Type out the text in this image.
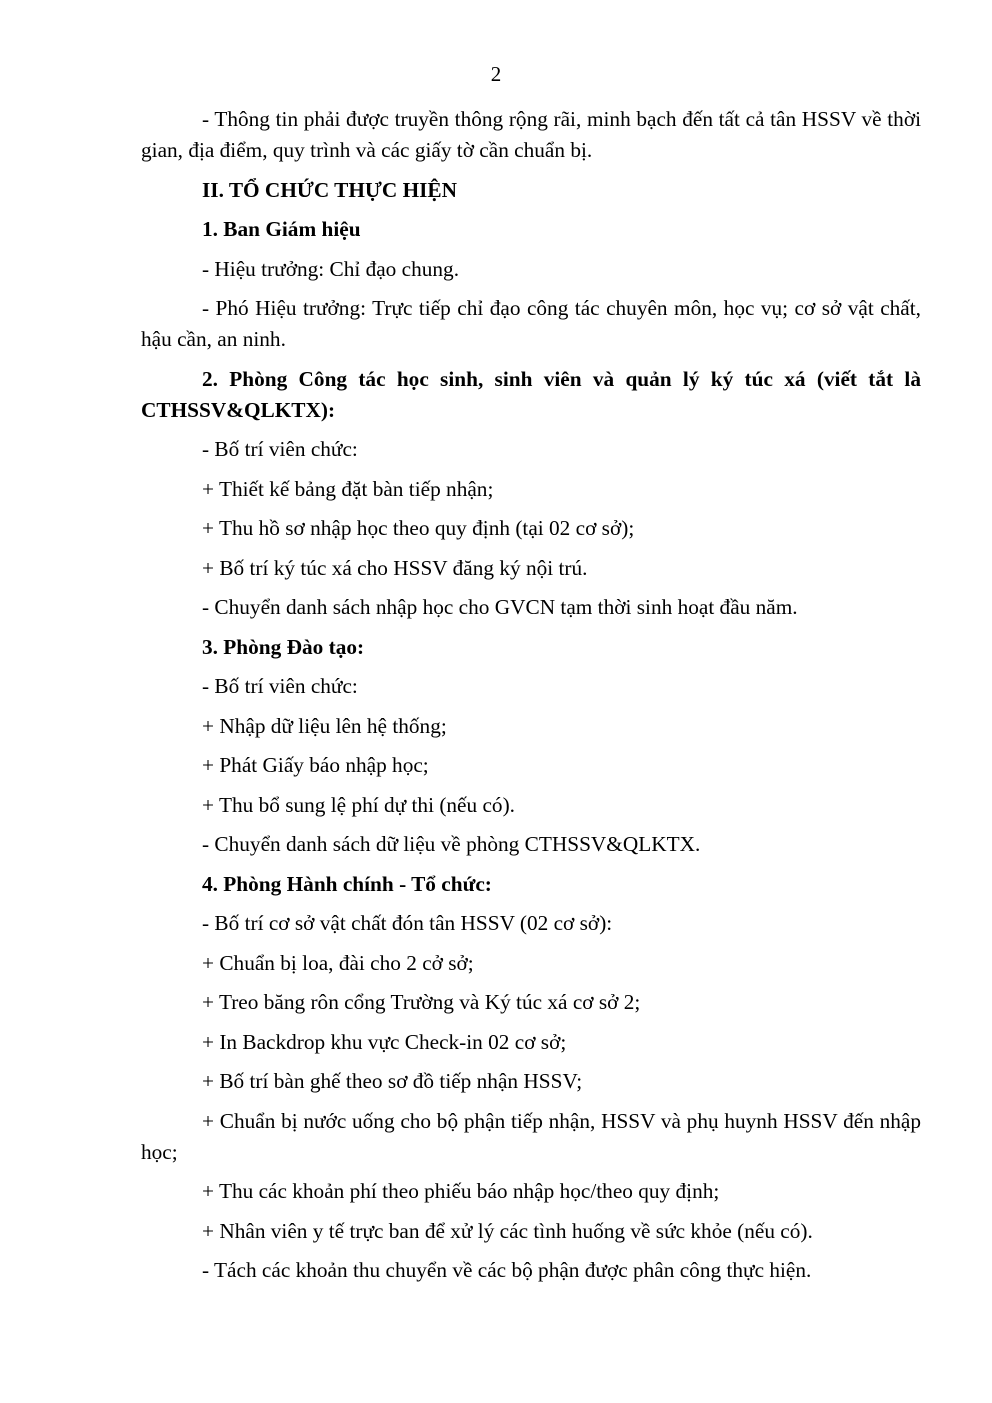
2

- Thông tin phải được truyền thông rộng rãi, minh bạch đến tất cả tân HSSV về thời gian, địa điểm, quy trình và các giấy tờ cần chuẩn bị.

II. TỔ CHỨC THỰC HIỆN

1. Ban Giám hiệu

- Hiệu trưởng: Chỉ đạo chung.

- Phó Hiệu trưởng: Trực tiếp chỉ đạo công tác chuyên môn, học vụ; cơ sở vật chất, hậu cần, an ninh.

2. Phòng Công tác học sinh, sinh viên và quản lý ký túc xá (viết tắt là CTHSSV&QLKTX):

- Bố trí viên chức:

+ Thiết kế bảng đặt bàn tiếp nhận;

+ Thu hồ sơ nhập học theo quy định (tại 02 cơ sở);

+ Bố trí ký túc xá cho HSSV đăng ký nội trú.

- Chuyển danh sách nhập học cho GVCN tạm thời sinh hoạt đầu năm.

3. Phòng Đào tạo:

- Bố trí viên chức:

+ Nhập dữ liệu lên hệ thống;

+ Phát Giấy báo nhập học;

+ Thu bổ sung lệ phí dự thi (nếu có).

- Chuyển danh sách dữ liệu về phòng CTHSSV&QLKTX.

4. Phòng Hành chính - Tổ chức:

- Bố trí cơ sở vật chất đón tân HSSV (02 cơ sở):

+ Chuẩn bị loa, đài cho 2 cở sở;

+ Treo băng rôn cổng Trường và Ký túc xá cơ sở 2;

+ In Backdrop khu vực Check-in 02 cơ sở;

+ Bố trí bàn ghế theo sơ đồ tiếp nhận HSSV;

+ Chuẩn bị nước uống cho bộ phận tiếp nhận, HSSV và phụ huynh HSSV đến nhập học;

+ Thu các khoản phí theo phiếu báo nhập học/theo quy định;

+ Nhân viên y tế trực ban để xử lý các tình huống về sức khỏe (nếu có).

- Tách các khoản thu chuyển về các bộ phận được phân công thực hiện.
